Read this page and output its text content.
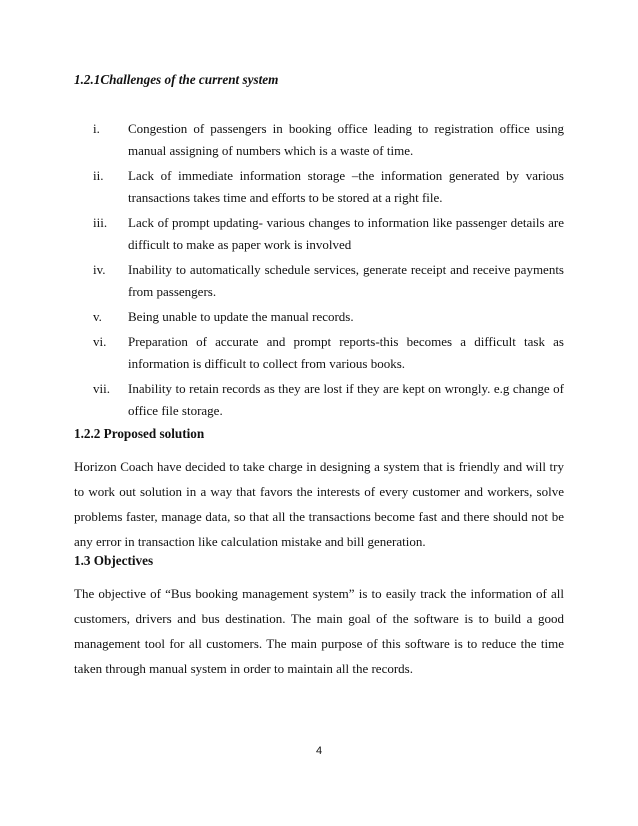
1.2.1Challenges of the current system
i. Congestion of passengers in booking office leading to registration office using manual assigning of numbers which is a waste of time.
ii. Lack of immediate information storage –the information generated by various transactions takes time and efforts to be stored at a right file.
iii. Lack of prompt updating- various changes to information like passenger details are difficult to make as paper work is involved
iv. Inability to automatically schedule services, generate receipt and receive payments from passengers.
v. Being unable to update the manual records.
vi. Preparation of accurate and prompt reports-this becomes a difficult task as information is difficult to collect from various books.
vii. Inability to retain records as they are lost if they are kept on wrongly. e.g change of office file storage.
1.2.2 Proposed solution

Horizon Coach have decided to take charge in designing a system that is friendly and will try to work out solution in a way that favors the interests of every customer and workers, solve problems faster, manage data, so that all the transactions become fast and there should not be any error in transaction like calculation mistake and bill generation.

1.3 Objectives

The objective of “Bus booking management system” is to easily track the information of all customers, drivers and bus destination. The main goal of the software is to build a good management tool for all customers. The main purpose of this software is to reduce the time taken through manual system in order to maintain all the records.

4
